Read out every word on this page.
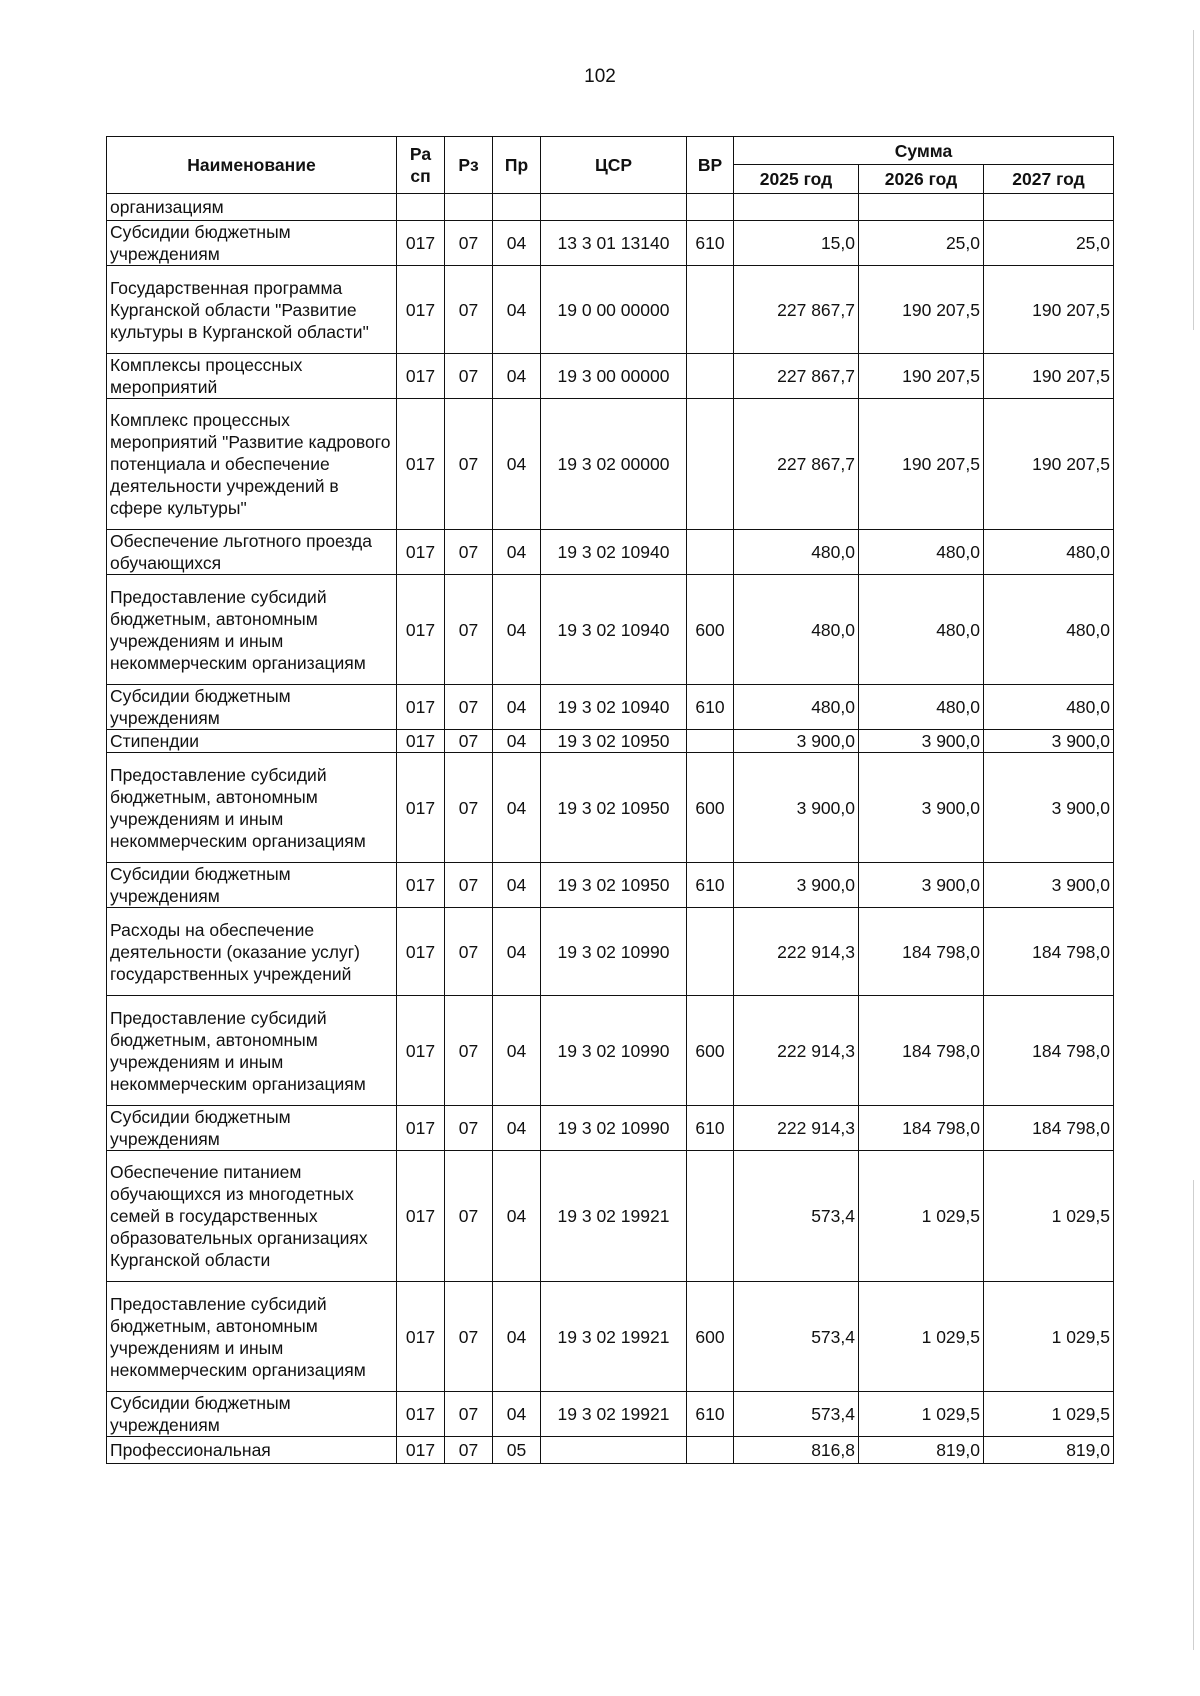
102
Наименование	Ра сп	Рз	Пр	ЦСР	ВР	Сумма		
						2025 год	2026 год	2027 год
организациям								
Субсидии бюджетным учреждениям	017	07	04	13 3 01 13140	610	15,0	25,0	25,0
Государственная программа Курганской области "Развитие культуры в Курганской области"	017	07	04	19 0 00 00000		227 867,7	190 207,5	190 207,5
Комплексы процессных мероприятий	017	07	04	19 3 00 00000		227 867,7	190 207,5	190 207,5
Комплекс процессных мероприятий "Развитие кадрового потенциала и обеспечение деятельности учреждений в сфере культуры"	017	07	04	19 3 02 00000		227 867,7	190 207,5	190 207,5
Обеспечение льготного проезда обучающихся	017	07	04	19 3 02 10940		480,0	480,0	480,0
Предоставление субсидий бюджетным, автономным учреждениям и иным некоммерческим организациям	017	07	04	19 3 02 10940	600	480,0	480,0	480,0
Субсидии бюджетным учреждениям	017	07	04	19 3 02 10940	610	480,0	480,0	480,0
Стипендии	017	07	04	19 3 02 10950		3 900,0	3 900,0	3 900,0
Предоставление субсидий бюджетным, автономным учреждениям и иным некоммерческим организациям	017	07	04	19 3 02 10950	600	3 900,0	3 900,0	3 900,0
Субсидии бюджетным учреждениям	017	07	04	19 3 02 10950	610	3 900,0	3 900,0	3 900,0
Расходы на обеспечение деятельности (оказание услуг) государственных учреждений	017	07	04	19 3 02 10990		222 914,3	184 798,0	184 798,0
Предоставление субсидий бюджетным, автономным учреждениям и иным некоммерческим организациям	017	07	04	19 3 02 10990	600	222 914,3	184 798,0	184 798,0
Субсидии бюджетным учреждениям	017	07	04	19 3 02 10990	610	222 914,3	184 798,0	184 798,0
Обеспечение питанием обучающихся из многодетных семей в государственных образовательных организациях Курганской области	017	07	04	19 3 02 19921		573,4	1 029,5	1 029,5
Предоставление субсидий бюджетным, автономным учреждениям и иным некоммерческим организациям	017	07	04	19 3 02 19921	600	573,4	1 029,5	1 029,5
Субсидии бюджетным учреждениям	017	07	04	19 3 02 19921	610	573,4	1 029,5	1 029,5
Профессиональная	017	07	05			816,8	819,0	819,0
